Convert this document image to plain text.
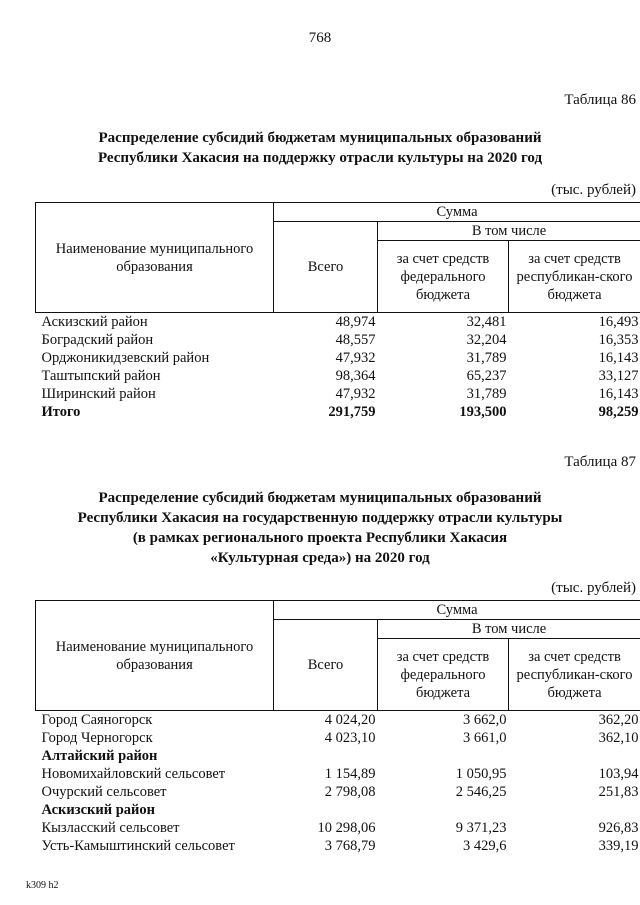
768
Таблица 86
Распределение субсидий бюджетам муниципальных образований
Республики Хакасия на поддержку отрасли культуры на 2020 год
(тыс. рублей)
Наименование муниципального образования	Сумма		
	Всего	В том числе	
		за счет средств федерального бюджета	за счет средств республикан-ского бюджета
Аскизский район	48,974	32,481	16,493
Боградский район	48,557	32,204	16,353
Орджоникидзевский район	47,932	31,789	16,143
Таштыпский район	98,364	65,237	33,127
Ширинский район	47,932	31,789	16,143
Итого	291,759	193,500	98,259
Таблица 87
Распределение субсидий бюджетам муниципальных образований
Республики Хакасия на государственную поддержку отрасли культуры
(в рамках регионального проекта Республики Хакасия
«Культурная среда») на 2020 год
(тыс. рублей)
Наименование муниципального образования	Сумма		
	Всего	В том числе	
		за счет средств федерального бюджета	за счет средств республикан-ского бюджета
Город Саяногорск	4 024,20	3 662,0	362,20
Город Черногорск	4 023,10	3 661,0	362,10
Алтайский район			
Новомихайловский сельсовет	1 154,89	1 050,95	103,94
Очурский сельсовет	2 798,08	2 546,25	251,83
Аскизский район			
Кызласский сельсовет	10 298,06	9 371,23	926,83
Усть-Камыштинский сельсовет	3 768,79	3 429,6	339,19
k309 h2
